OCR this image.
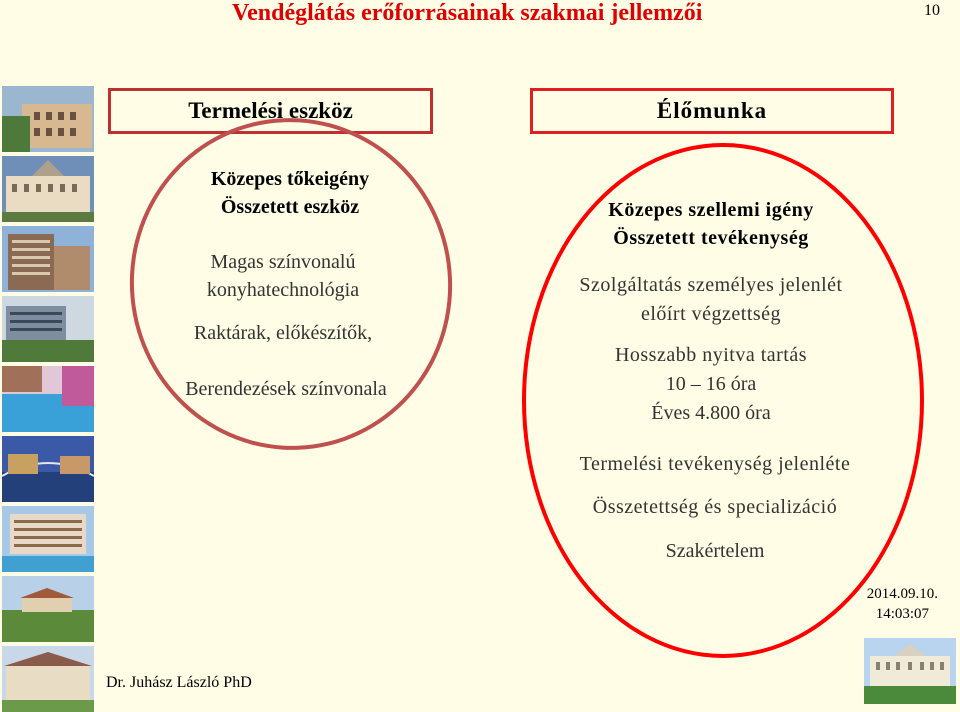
Vendéglátás erőforrásainak szakmai jellemzői	10
Termelési eszköz
Közepes tőkeigény
Összetett eszköz
Magas színvonalú
konyhatechnológia
Raktárak, előkészítők,
Berendezések színvonala
Élőmunka
Közepes szellemi igény
Összetett tevékenység
Szolgáltatás személyes jelenlét
előírt végzettség
Hosszabb nyitva tartás
10 – 16 óra
Éves 4.800 óra
Termelési tevékenység jelenléte
Összetettség és specializáció
Szakértelem
2014.09.10.
14:03:07
Dr. Juhász László PhD
